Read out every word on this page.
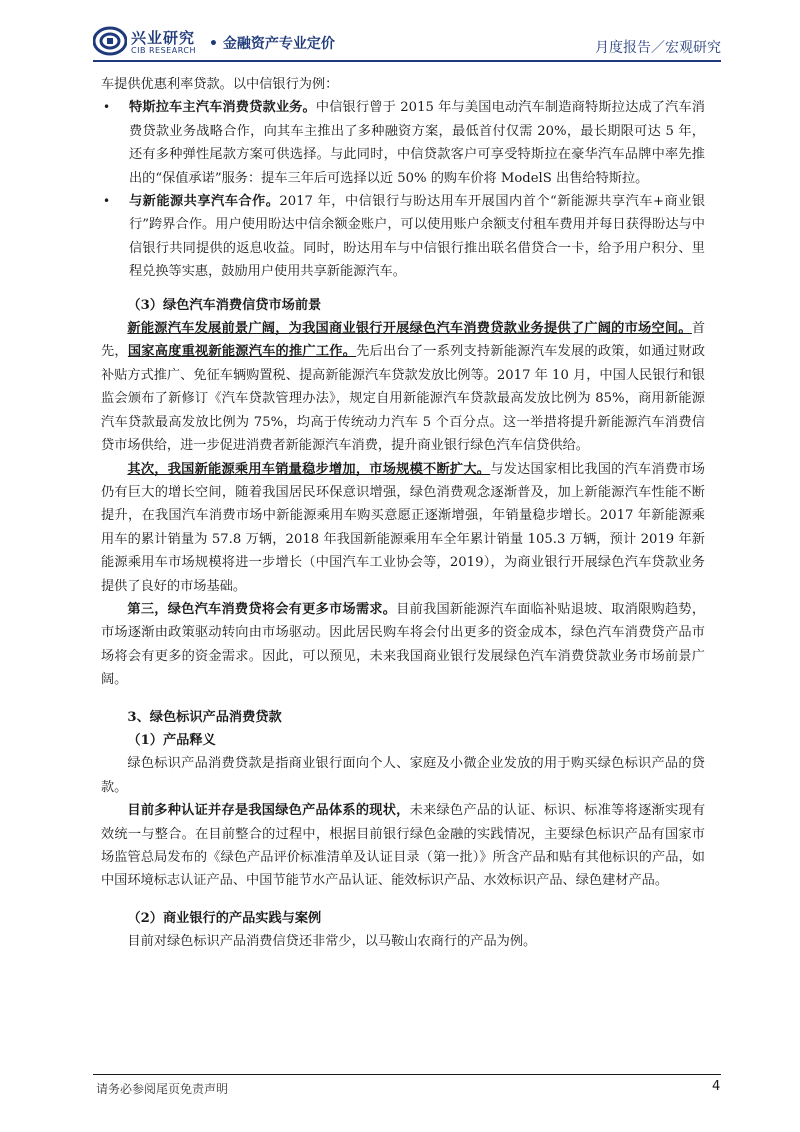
兴业研究
CIB RESEARCH • 金融资产专业定价	月度报告／宏观研究

车提供优惠利率贷款。以中信银行为例：

• 特斯拉车主汽车消费贷款业务。中信银行曾于 2015 年与美国电动汽车制造商特斯拉达成了汽车消费贷款业务战略合作，向其车主推出了多种融资方案，最低首付仅需 20%，最长期限可达 5 年，还有多种弹性尾款方案可供选择。与此同时，中信贷款客户可享受特斯拉在豪华汽车品牌中率先推出的“保值承诺”服务：提车三年后可选择以近 50% 的购车价将 ModelS 出售给特斯拉。
• 与新能源共享汽车合作。2017 年，中信银行与盼达用车开展国内首个“新能源共享汽车+商业银行”跨界合作。用户使用盼达中信余额金账户，可以使用账户余额支付租车费用并每日获得盼达与中信银行共同提供的返息收益。同时，盼达用车与中信银行推出联名借贷合一卡，给予用户积分、里程兑换等实惠，鼓励用户使用共享新能源汽车。

（3）绿色汽车消费信贷市场前景

新能源汽车发展前景广阔，为我国商业银行开展绿色汽车消费贷款业务提供了广阔的市场空间。首先，国家高度重视新能源汽车的推广工作。先后出台了一系列支持新能源汽车发展的政策，如通过财政补贴方式推广、免征车辆购置税、提高新能源汽车贷款发放比例等。2017 年 10 月，中国人民银行和银监会颁布了新修订《汽车贷款管理办法》，规定自用新能源汽车贷款最高发放比例为 85%，商用新能源汽车贷款最高发放比例为 75%，均高于传统动力汽车 5 个百分点。这一举措将提升新能源汽车消费信贷市场供给，进一步促进消费者新能源汽车消费，提升商业银行绿色汽车信贷供给。

其次，我国新能源乘用车销量稳步增加，市场规模不断扩大。与发达国家相比我国的汽车消费市场仍有巨大的增长空间，随着我国居民环保意识增强，绿色消费观念逐渐普及，加上新能源汽车性能不断提升，在我国汽车消费市场中新能源乘用车购买意愿正逐渐增强，年销量稳步增长。2017 年新能源乘用车的累计销量为 57.8 万辆，2018 年我国新能源乘用车全年累计销量 105.3 万辆，预计 2019 年新能源乘用车市场规模将进一步增长（中国汽车工业协会等，2019），为商业银行开展绿色汽车贷款业务提供了良好的市场基础。

第三，绿色汽车消费贷将会有更多市场需求。目前我国新能源汽车面临补贴退坡、取消限购趋势，市场逐渐由政策驱动转向由市场驱动。因此居民购车将会付出更多的资金成本，绿色汽车消费贷产品市场将会有更多的资金需求。因此，可以预见，未来我国商业银行发展绿色汽车消费贷款业务市场前景广阔。

3、绿色标识产品消费贷款

（1）产品释义

绿色标识产品消费贷款是指商业银行面向个人、家庭及小微企业发放的用于购买绿色标识产品的贷款。

目前多种认证并存是我国绿色产品体系的现状，未来绿色产品的认证、标识、标准等将逐渐实现有效统一与整合。在目前整合的过程中，根据目前银行绿色金融的实践情况，主要绿色标识产品有国家市场监管总局发布的《绿色产品评价标准清单及认证目录（第一批）》所含产品和贴有其他标识的产品，如中国环境标志认证产品、中国节能节水产品认证、能效标识产品、水效标识产品、绿色建材产品。

（2）商业银行的产品实践与案例

目前对绿色标识产品消费信贷还非常少，以马鞍山农商行的产品为例。

请务必参阅尾页免责声明	4
